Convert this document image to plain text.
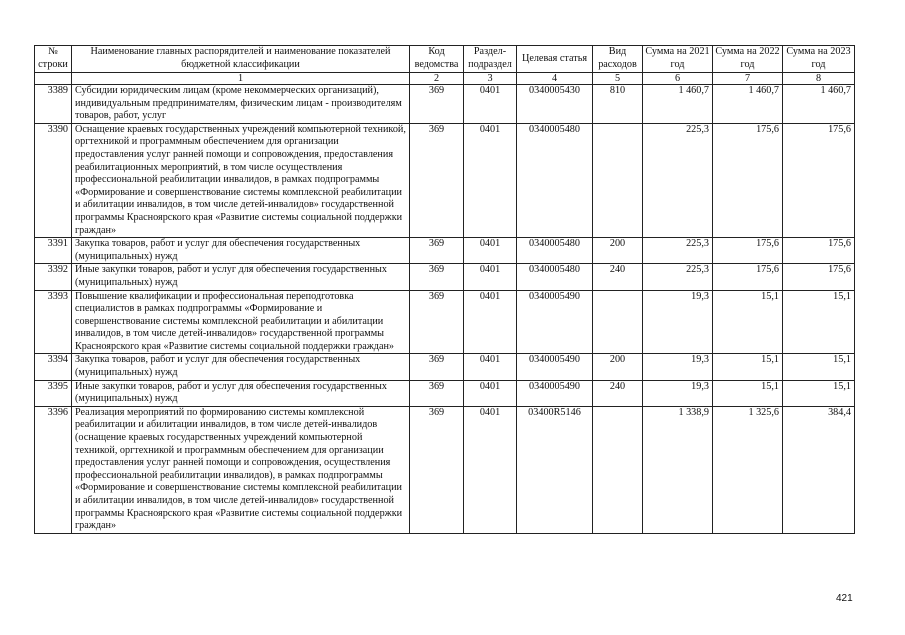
№ строки	Наименование главных распорядителей и наименование показателей бюджетной классификации	Код ведомства	Раздел-подраздел	Целевая статья	Вид расходов	Сумма на 2021 год	Сумма на 2022 год	Сумма на 2023 год
	1	2	3	4	5	6	7	8
3389	Субсидии юридическим лицам (кроме некоммерческих организаций), индивидуальным предпринимателям, физическим лицам - производителям товаров, работ, услуг	369	0401	0340005430	810	1 460,7	1 460,7	1 460,7
3390	Оснащение краевых государственных учреждений компьютерной техникой, оргтехникой и программным обеспечением для организации предоставления услуг ранней помощи и сопровождения, предоставления реабилитационных мероприятий, в том числе осуществления профессиональной реабилитации инвалидов, в рамках подпрограммы «Формирование и совершенствование системы комплексной реабилитации и абилитации инвалидов, в том числе детей-инвалидов» государственной программы Красноярского края «Развитие системы социальной поддержки граждан»	369	0401	0340005480		225,3	175,6	175,6
3391	Закупка товаров, работ и услуг для обеспечения государственных (муниципальных) нужд	369	0401	0340005480	200	225,3	175,6	175,6
3392	Иные закупки товаров, работ и услуг для обеспечения государственных (муниципальных) нужд	369	0401	0340005480	240	225,3	175,6	175,6
3393	Повышение квалификации и профессиональная переподготовка специалистов в рамках подпрограммы «Формирование и совершенствование системы комплексной реабилитации и абилитации инвалидов, в том числе детей-инвалидов» государственной программы Красноярского края «Развитие системы социальной поддержки граждан»	369	0401	0340005490		19,3	15,1	15,1
3394	Закупка товаров, работ и услуг для обеспечения государственных (муниципальных) нужд	369	0401	0340005490	200	19,3	15,1	15,1
3395	Иные закупки товаров, работ и услуг для обеспечения государственных (муниципальных) нужд	369	0401	0340005490	240	19,3	15,1	15,1
3396	Реализация мероприятий по формированию системы комплексной реабилитации и абилитации инвалидов, в том числе детей-инвалидов (оснащение краевых государственных учреждений компьютерной техникой, оргтехникой и программным обеспечением для организации предоставления услуг ранней помощи и сопровождения, осуществления профессиональной реабилитации инвалидов), в рамках подпрограммы «Формирование и совершенствование системы комплексной реабилитации и абилитации инвалидов, в том числе детей-инвалидов» государственной программы Красноярского края «Развитие системы социальной поддержки граждан»	369	0401	03400R5146		1 338,9	1 325,6	384,4
421
